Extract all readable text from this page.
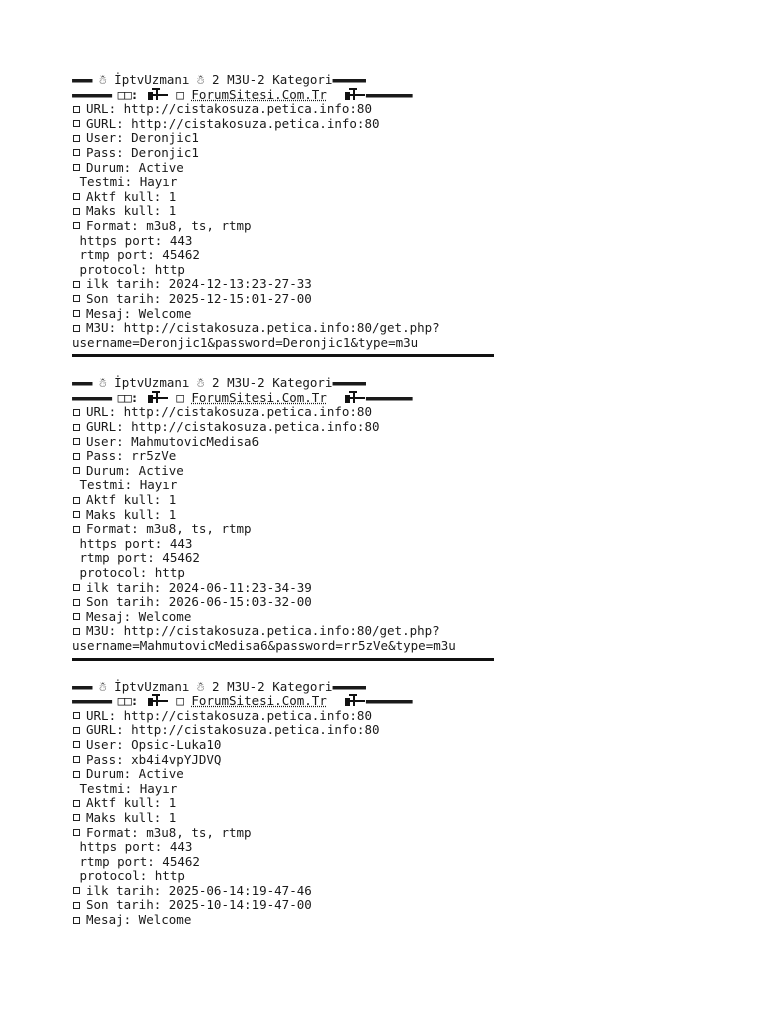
▬▬▬ ☃ İptvUzmanı ☃ 2 M3U-2 Kategori▬▬▬▬▬
▬▬▬▬▬▬ □□:	□ ForumSitesi.Com.Tr	▬▬▬▬▬▬▬
URL: http://cistakosuza.petica.info:80
GURL: http://cistakosuza.petica.info:80
User: Deronjic1
Pass: Deronjic1
Durum: Active
Testmi: Hayır
Aktf kull: 1
Maks kull: 1
Format: m3u8, ts, rtmp
https port: 443
rtmp port: 45462
protocol: http
ilk tarih: 2024-12-13:23-27-33
Son tarih: 2025-12-15:01-27-00
Mesaj: Welcome
M3U: http://cistakosuza.petica.info:80/get.php?
username=Deronjic1&password=Deronjic1&type=m3u
▬▬▬ ☃ İptvUzmanı ☃ 2 M3U-2 Kategori▬▬▬▬▬
▬▬▬▬▬▬ □□:	□ ForumSitesi.Com.Tr	▬▬▬▬▬▬▬
URL: http://cistakosuza.petica.info:80
GURL: http://cistakosuza.petica.info:80
User: MahmutovicMedisa6
Pass: rr5zVe
Durum: Active
Testmi: Hayır
Aktf kull: 1
Maks kull: 1
Format: m3u8, ts, rtmp
https port: 443
rtmp port: 45462
protocol: http
ilk tarih: 2024-06-11:23-34-39
Son tarih: 2026-06-15:03-32-00
Mesaj: Welcome
M3U: http://cistakosuza.petica.info:80/get.php?
username=MahmutovicMedisa6&password=rr5zVe&type=m3u
▬▬▬ ☃ İptvUzmanı ☃ 2 M3U-2 Kategori▬▬▬▬▬
▬▬▬▬▬▬ □□:	□ ForumSitesi.Com.Tr	▬▬▬▬▬▬▬
URL: http://cistakosuza.petica.info:80
GURL: http://cistakosuza.petica.info:80
User: Opsic-Luka10
Pass: xb4i4vpYJDVQ
Durum: Active
Testmi: Hayır
Aktf kull: 1
Maks kull: 1
Format: m3u8, ts, rtmp
https port: 443
rtmp port: 45462
protocol: http
ilk tarih: 2025-06-14:19-47-46
Son tarih: 2025-10-14:19-47-00
Mesaj: Welcome
